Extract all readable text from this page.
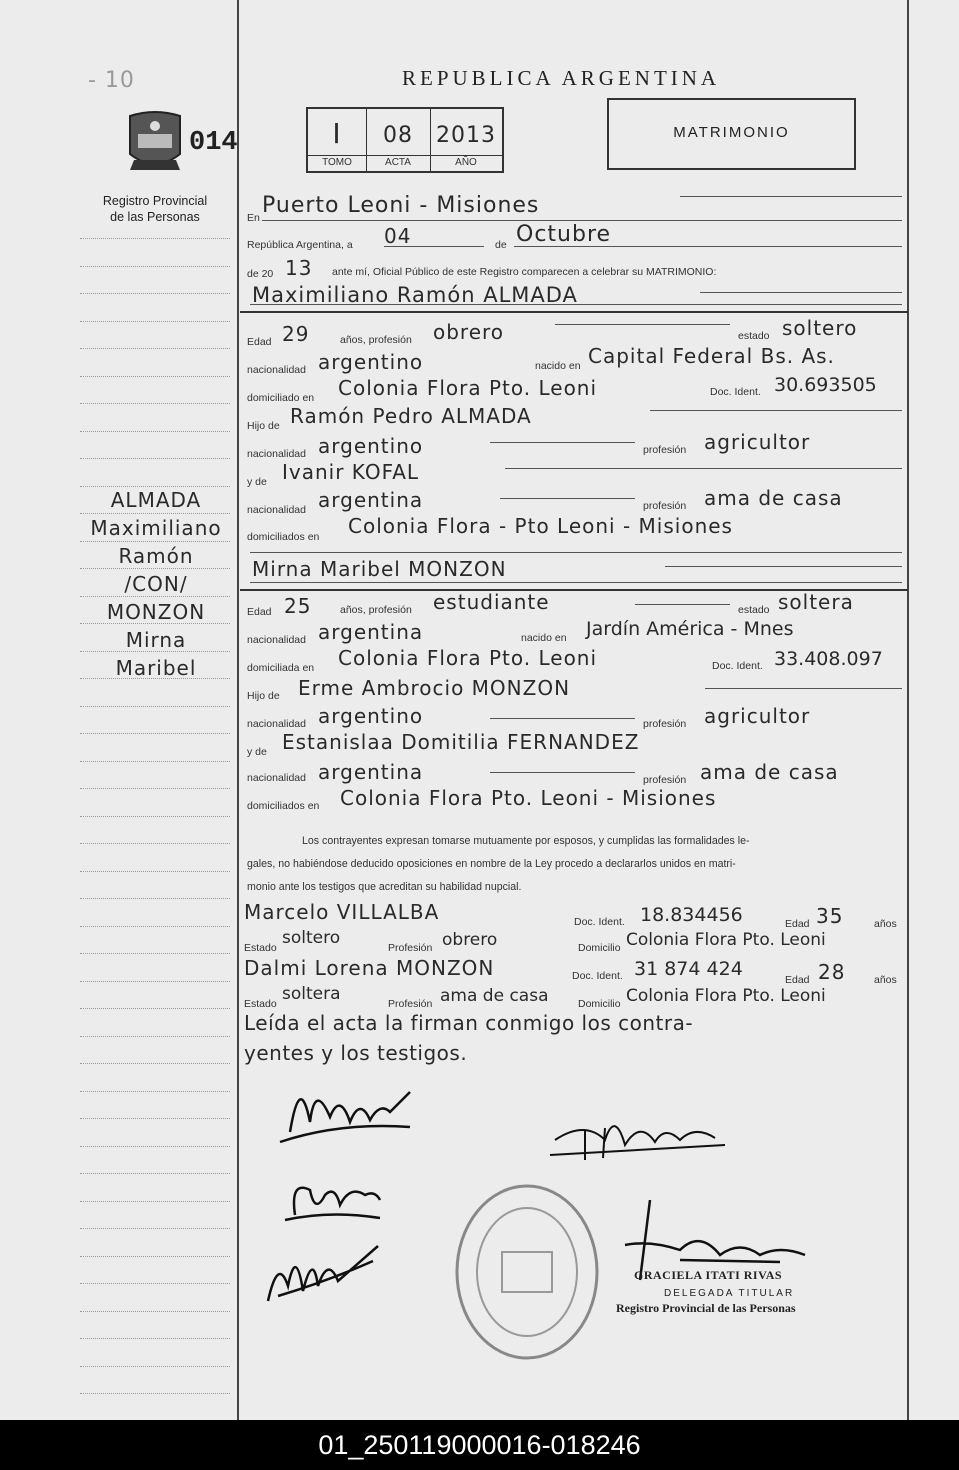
- 10
014
Registro Provincial
de las Personas
REPUBLICA ARGENTINA
I	08	2013
TOMO	ACTA	AÑO
MATRIMONIO
ALMADA
Maximiliano
Ramón
/CON/
MONZON
Mirna
Maribel
En Puerto Leoni - Misiones
República Argentina, a 04	de Octubre
de 20 13 ante mí, Oficial Público de este Registro comparecen a celebrar su MATRIMONIO:
Maximiliano Ramón ALMADA
Edad 29	años, profesión obrero	estado soltero
nacionalidad argentino	nacido en Capital Federal Bs. As.
domiciliado en Colonia Flora Pto. Leoni	Doc. Ident. 30.693505
Hijo de Ramón Pedro ALMADA
nacionalidad argentino	profesión agricultor
y de Ivanir KOFAL
nacionalidad argentina	profesión ama de casa
domiciliados en Colonia Flora - Pto Leoni - Misiones
Mirna Maribel MONZON
Edad 25	años, profesión estudiante	estado soltera
nacionalidad argentina	nacido en Jardín América - Mnes
domiciliada en Colonia Flora Pto. Leoni	Doc. Ident. 33.408.097
Hijo de Erme Ambrocio MONZON
nacionalidad argentino	profesión agricultor
y de Estanislaa Domitilia FERNANDEZ
nacionalidad argentina	profesión ama de casa
domiciliados en Colonia Flora Pto. Leoni - Misiones
Los contrayentes expresan tomarse mutuamente por esposos, y cumplidas las formalidades le-
gales, no habiéndose deducido oposiciones en nombre de la Ley procedo a declararlos unidos en matri-
monio ante los testigos que acreditan su habilidad nupcial.
Marcelo VILLALBA	Doc. Ident. 18.834456	Edad 35	años
Estado soltero	Profesión obrero	Domicilio Colonia Flora Pto. Leoni
Dalmi Lorena MONZON	Doc. Ident. 31 874 424	Edad 28	años
Estado soltera	Profesión ama de casa	Domicilio Colonia Flora Pto. Leoni
Leída el acta la firman conmigo los contra-
yentes y los testigos.
GRACIELA ITATI RIVAS
DELEGADA TITULAR
Registro Provincial de las Personas
01_250119000016-018246
